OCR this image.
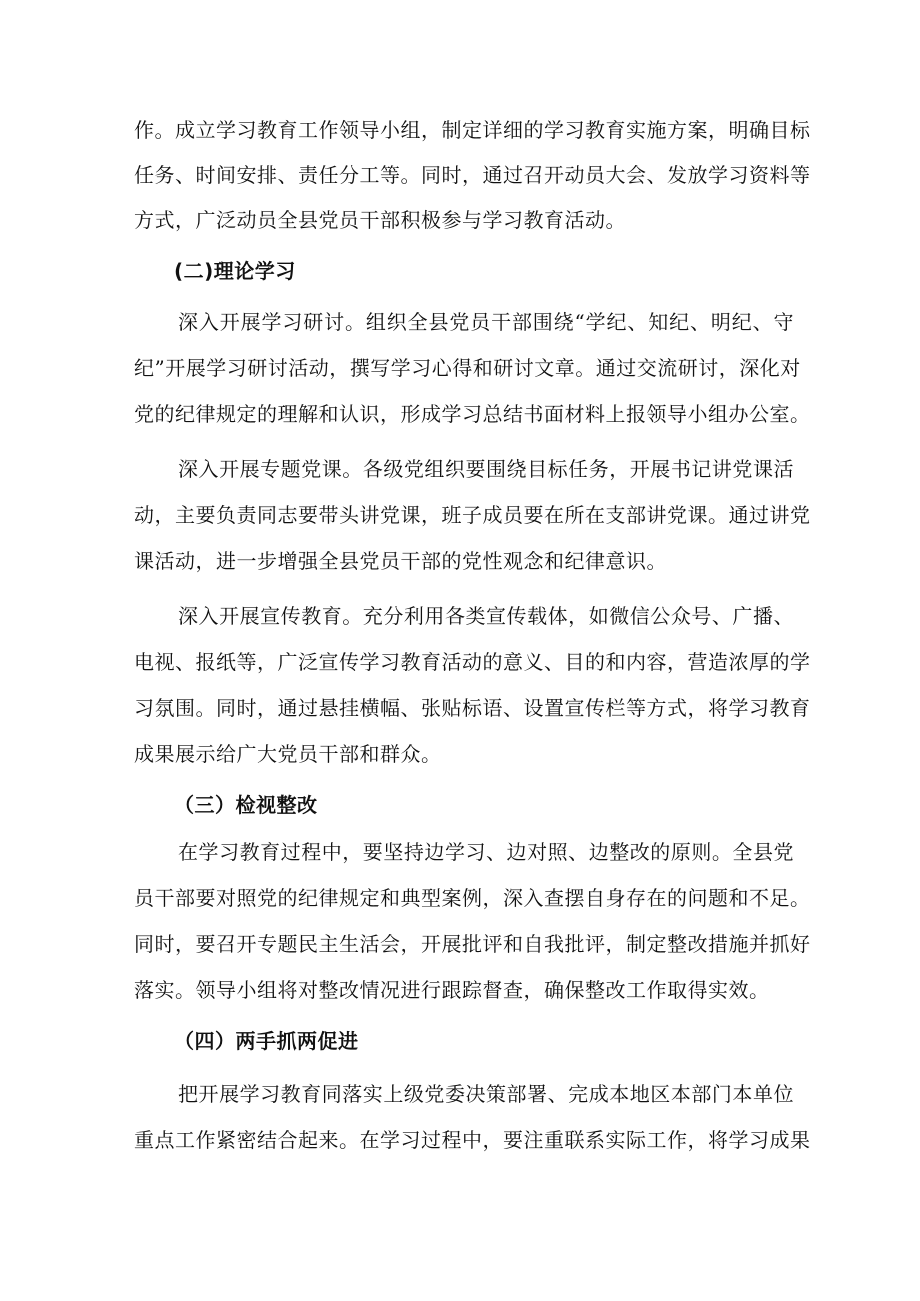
作。成立学习教育工作领导小组，制定详细的学习教育实施方案，明确目标
任务、时间安排、责任分工等。同时，通过召开动员大会、发放学习资料等
方式，广泛动员全县党员干部积极参与学习教育活动。
(二)理论学习
深入开展学习研讨。组织全县党员干部围绕“学纪、知纪、明纪、守
纪”开展学习研讨活动，撰写学习心得和研讨文章。通过交流研讨，深化对
党的纪律规定的理解和认识，形成学习总结书面材料上报领导小组办公室。
深入开展专题党课。各级党组织要围绕目标任务，开展书记讲党课活
动，主要负责同志要带头讲党课，班子成员要在所在支部讲党课。通过讲党
课活动，进一步增强全县党员干部的党性观念和纪律意识。
深入开展宣传教育。充分利用各类宣传载体，如微信公众号、广播、
电视、报纸等，广泛宣传学习教育活动的意义、目的和内容，营造浓厚的学
习氛围。同时，通过悬挂横幅、张贴标语、设置宣传栏等方式，将学习教育
成果展示给广大党员干部和群众。
（三）检视整改
在学习教育过程中，要坚持边学习、边对照、边整改的原则。全县党
员干部要对照党的纪律规定和典型案例，深入查摆自身存在的问题和不足。
同时，要召开专题民主生活会，开展批评和自我批评，制定整改措施并抓好
落实。领导小组将对整改情况进行跟踪督查，确保整改工作取得实效。
（四）两手抓两促进
把开展学习教育同落实上级党委决策部署、完成本地区本部门本单位
重点工作紧密结合起来。在学习过程中，要注重联系实际工作，将学习成果
